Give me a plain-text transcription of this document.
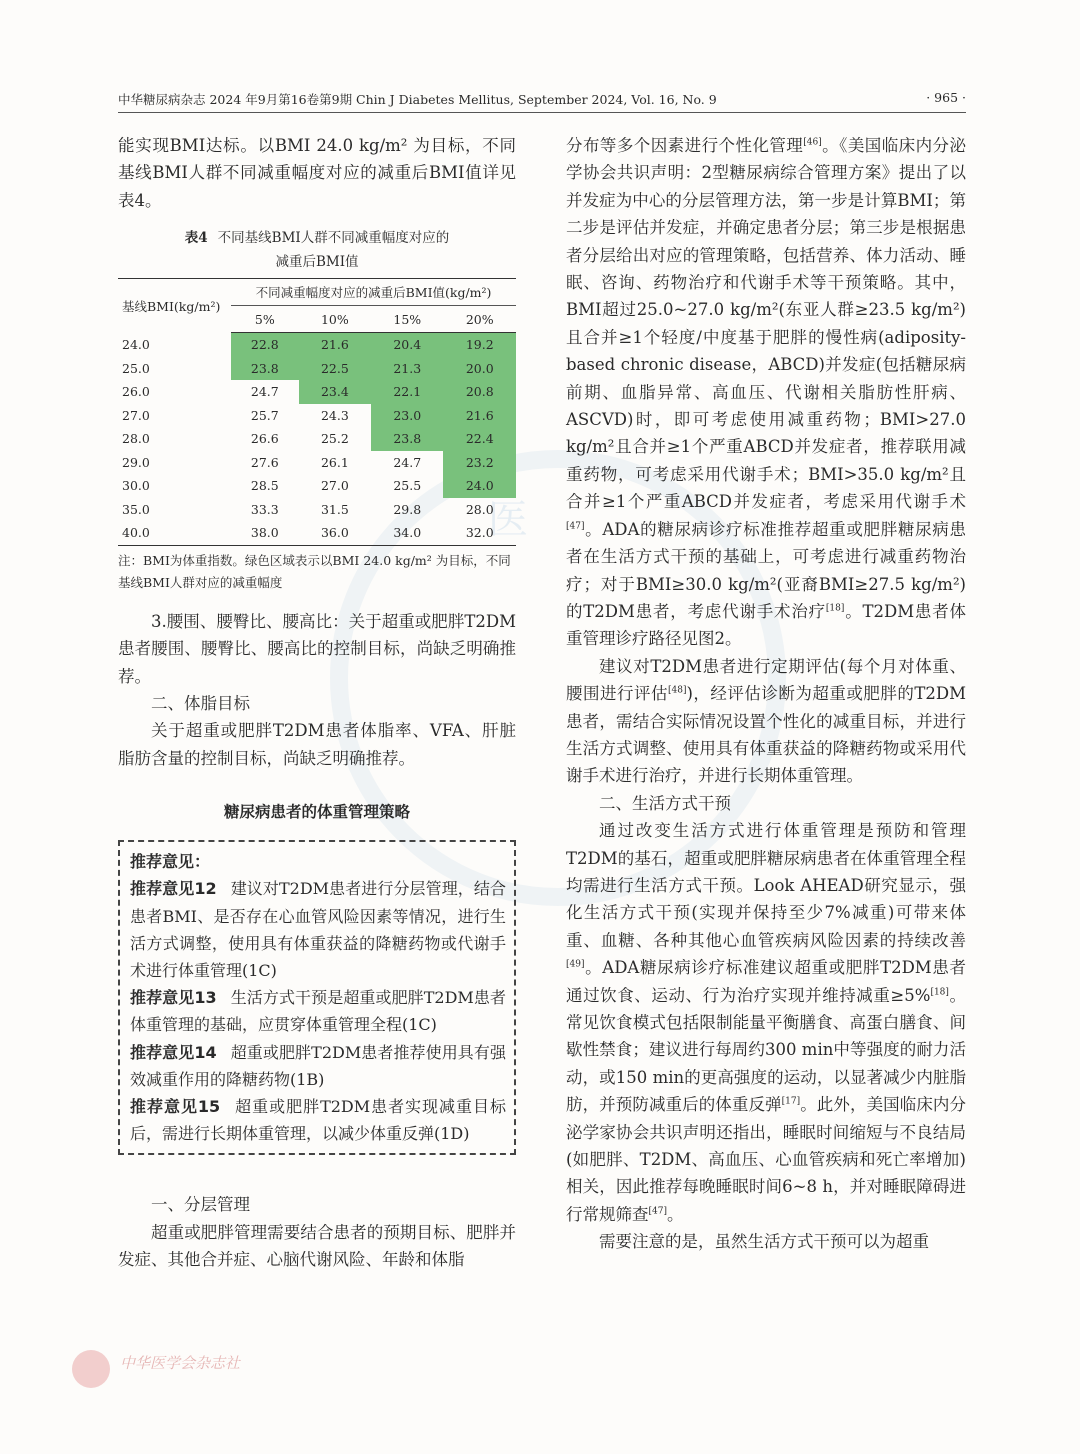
中华糖尿病杂志 2024 年9月第16卷第9期 Chin J Diabetes Mellitus, September 2024, Vol. 16, No. 9	· 965 ·
医

能实现BMI达标。以BMI 24.0 kg/m² 为目标，不同基线BMI人群不同减重幅度对应的减重后BMI值详见表4。

表4 不同基线BMI人群不同减重幅度对应的
减重后BMI值
基线BMI(kg/m²)	不同减重幅度对应的减重后BMI值(kg/m²)			
	5%	10%	15%	20%
24.0	22.8	21.6	20.4	19.2
25.0	23.8	22.5	21.3	20.0
26.0	24.7	23.4	22.1	20.8
27.0	25.7	24.3	23.0	21.6
28.0	26.6	25.2	23.8	22.4
29.0	27.6	26.1	24.7	23.2
30.0	28.5	27.0	25.5	24.0
35.0	33.3	31.5	29.8	28.0
40.0	38.0	36.0	34.0	32.0
注：BMI为体重指数。绿色区域表示以BMI 24.0 kg/m² 为目标，不同基线BMI人群对应的减重幅度

3.腰围、腰臀比、腰高比：关于超重或肥胖T2DM患者腰围、腰臀比、腰高比的控制目标，尚缺乏明确推荐。

二、体脂目标

关于超重或肥胖T2DM患者体脂率、VFA、肝脏脂肪含量的控制目标，尚缺乏明确推荐。

糖尿病患者的体重管理策略

推荐意见：

推荐意见12 建议对T2DM患者进行分层管理，结合患者BMI、是否存在心血管风险因素等情况，进行生活方式调整，使用具有体重获益的降糖药物或代谢手术进行体重管理(1C)

推荐意见13 生活方式干预是超重或肥胖T2DM患者体重管理的基础，应贯穿体重管理全程(1C)

推荐意见14 超重或肥胖T2DM患者推荐使用具有强效减重作用的降糖药物(1B)

推荐意见15 超重或肥胖T2DM患者实现减重目标后，需进行长期体重管理，以减少体重反弹(1D)

一、分层管理

超重或肥胖管理需要结合患者的预期目标、肥胖并发症、其他合并症、心脑代谢风险、年龄和体脂

分布等多个因素进行个性化管理[46]。《美国临床内分泌学协会共识声明：2型糖尿病综合管理方案》提出了以并发症为中心的分层管理方法，第一步是计算BMI；第二步是评估并发症，并确定患者分层；第三步是根据患者分层给出对应的管理策略，包括营养、体力活动、睡眠、咨询、药物治疗和代谢手术等干预策略。其中，BMI超过25.0~27.0 kg/m²(东亚人群≥23.5 kg/m²)且合并≥1个轻度/中度基于肥胖的慢性病(adiposity-based chronic disease，ABCD)并发症(包括糖尿病前期、血脂异常、高血压、代谢相关脂肪性肝病、ASCVD)时，即可考虑使用减重药物；BMI>27.0 kg/m²且合并≥1个严重ABCD并发症者，推荐联用减重药物，可考虑采用代谢手术；BMI>35.0 kg/m²且合并≥1个严重ABCD并发症者，考虑采用代谢手术[47]。ADA的糖尿病诊疗标准推荐超重或肥胖糖尿病患者在生活方式干预的基础上，可考虑进行减重药物治疗；对于BMI≥30.0 kg/m²(亚裔BMI≥27.5 kg/m²)的T2DM患者，考虑代谢手术治疗[18]。T2DM患者体重管理诊疗路径见图2。

建议对T2DM患者进行定期评估(每个月对体重、腰围进行评估[48])，经评估诊断为超重或肥胖的T2DM患者，需结合实际情况设置个性化的减重目标，并进行生活方式调整、使用具有体重获益的降糖药物或采用代谢手术进行治疗，并进行长期体重管理。

二、生活方式干预

通过改变生活方式进行体重管理是预防和管理T2DM的基石，超重或肥胖糖尿病患者在体重管理全程均需进行生活方式干预。Look AHEAD研究显示，强化生活方式干预(实现并保持至少7%减重)可带来体重、血糖、各种其他心血管疾病风险因素的持续改善[49]。ADA糖尿病诊疗标准建议超重或肥胖T2DM患者通过饮食、运动、行为治疗实现并维持减重≥5%[18]。常见饮食模式包括限制能量平衡膳食、高蛋白膳食、间歇性禁食；建议进行每周约300 min中等强度的耐力活动，或150 min的更高强度的运动，以显著减少内脏脂肪，并预防减重后的体重反弹[17]。此外，美国临床内分泌学家协会共识声明还指出，睡眠时间缩短与不良结局(如肥胖、T2DM、高血压、心血管疾病和死亡率增加)相关，因此推荐每晚睡眠时间6~8 h，并对睡眠障碍进行常规筛查[47]。

需要注意的是，虽然生活方式干预可以为超重

中华医学会杂志社
